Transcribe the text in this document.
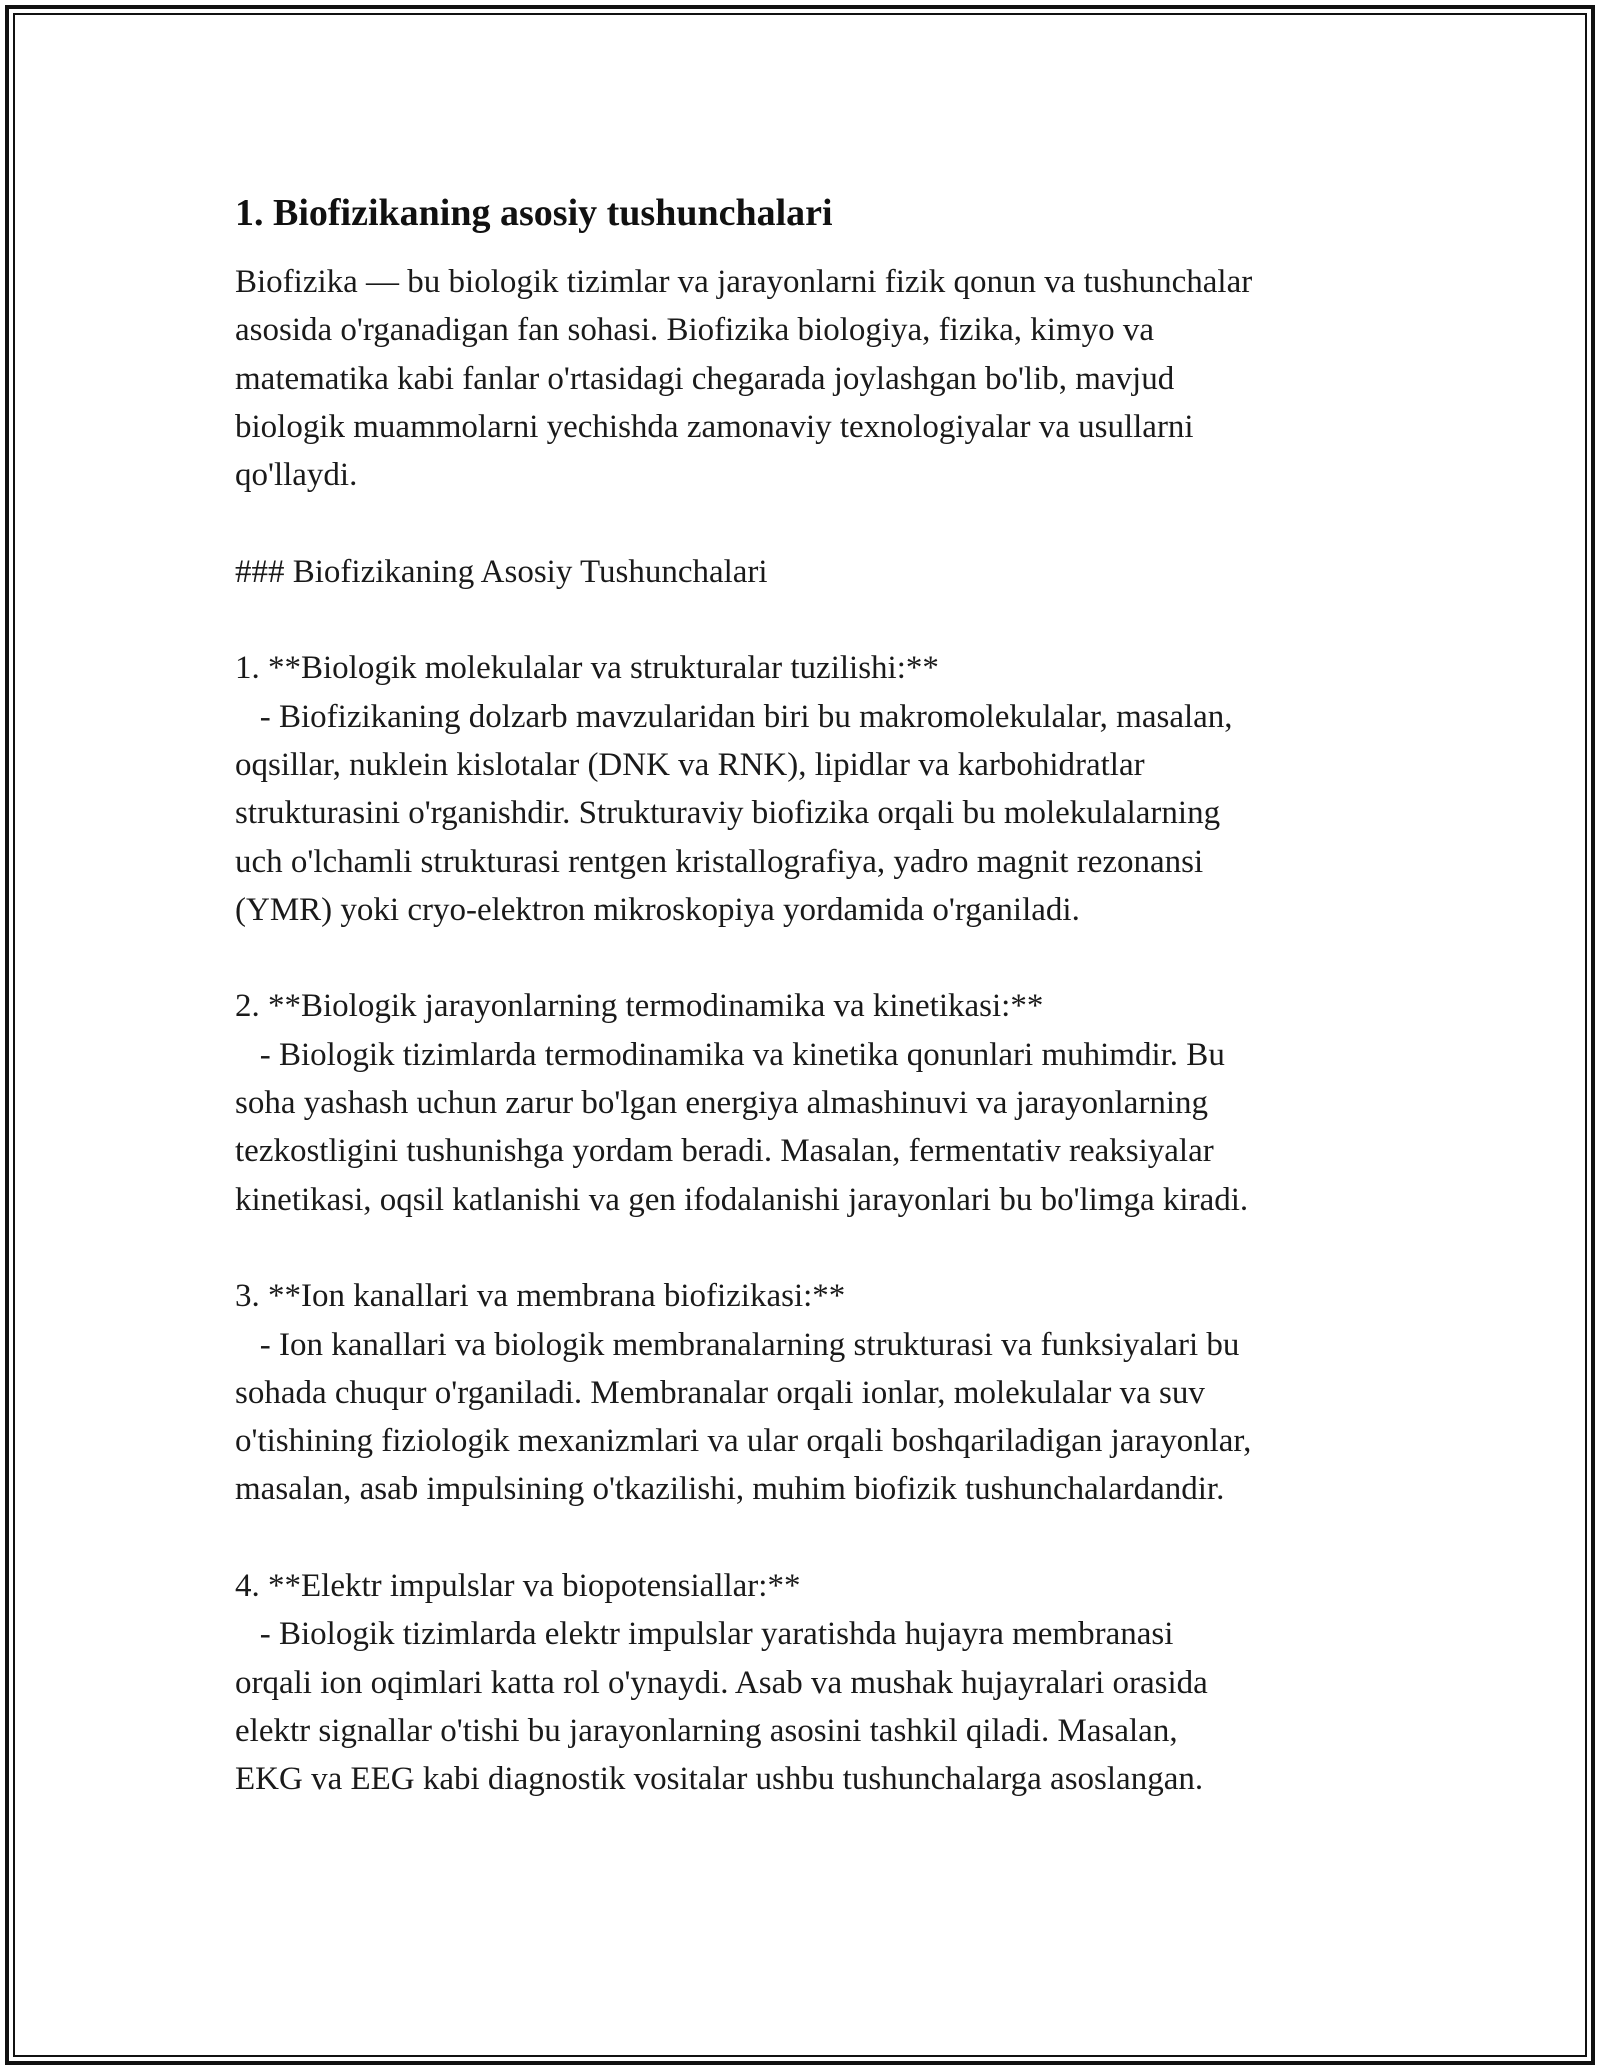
1. Biofizikaning asosiy tushunchalari

Biofizika — bu biologik tizimlar va jarayonlarni fizik qonun va tushunchalar
asosida o'rganadigan fan sohasi. Biofizika biologiya, fizika, kimyo va
matematika kabi fanlar o'rtasidagi chegarada joylashgan bo'lib, mavjud
biologik muammolarni yechishda zamonaviy texnologiyalar va usullarni
qo'llaydi.

### Biofizikaning Asosiy Tushunchalari

1. **Biologik molekulalar va strukturalar tuzilishi:**

- Biofizikaning dolzarb mavzularidan biri bu makromolekulalar, masalan,
oqsillar, nuklein kislotalar (DNK va RNK), lipidlar va karbohidratlar
strukturasini o'rganishdir. Strukturaviy biofizika orqali bu molekulalarning
uch o'lchamli strukturasi rentgen kristallografiya, yadro magnit rezonansi
(YMR) yoki cryo-elektron mikroskopiya yordamida o'rganiladi.

2. **Biologik jarayonlarning termodinamika va kinetikasi:**

- Biologik tizimlarda termodinamika va kinetika qonunlari muhimdir. Bu
soha yashash uchun zarur bo'lgan energiya almashinuvi va jarayonlarning
tezkostligini tushunishga yordam beradi. Masalan, fermentativ reaksiyalar
kinetikasi, oqsil katlanishi va gen ifodalanishi jarayonlari bu bo'limga kiradi.

3. **Ion kanallari va membrana biofizikasi:**

- Ion kanallari va biologik membranalarning strukturasi va funksiyalari bu
sohada chuqur o'rganiladi. Membranalar orqali ionlar, molekulalar va suv
o'tishining fiziologik mexanizmlari va ular orqali boshqariladigan jarayonlar,
masalan, asab impulsining o'tkazilishi, muhim biofizik tushunchalardandir.

4. **Elektr impulslar va biopotensiallar:**

- Biologik tizimlarda elektr impulslar yaratishda hujayra membranasi
orqali ion oqimlari katta rol o'ynaydi. Asab va mushak hujayralari orasida
elektr signallar o'tishi bu jarayonlarning asosini tashkil qiladi. Masalan,
EKG va EEG kabi diagnostik vositalar ushbu tushunchalarga asoslangan.
